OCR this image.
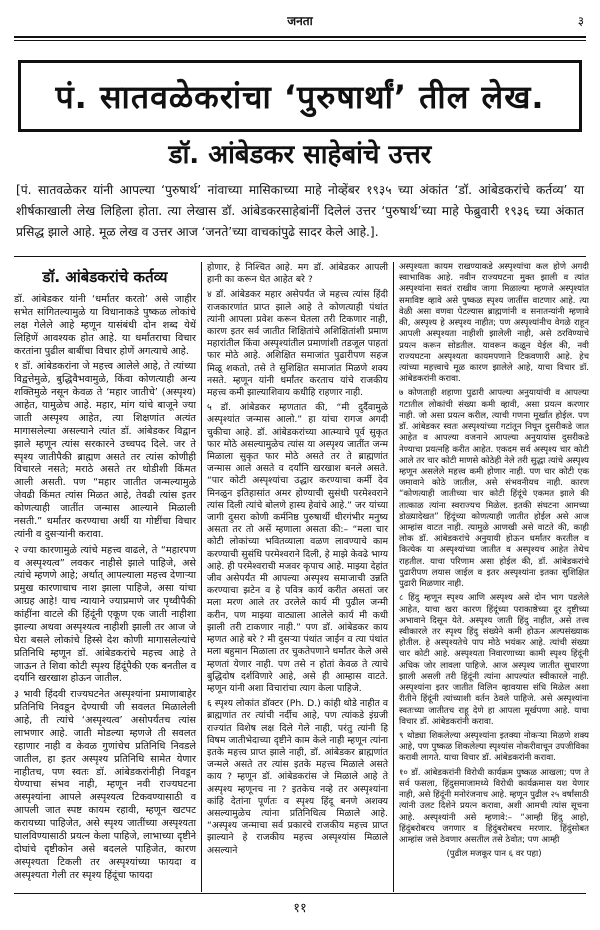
जनता	३
पं. सातवळेकरांचा ‘पुरुषार्थां’ तील लेख.
डॉ. आंबेडकर साहेबांचे उत्तर
[पं. सातवळेकर यांनी आपल्या ‘पुरुषार्थ’ नांवाच्या मासिकाच्या माहे नोव्हेंबर १९३५ च्या अंकांत ‘डॉ. आंबेडकरांचे कर्तव्य’ या शीर्षकाखाली लेख लिहिला होता. त्या लेखास डॉ. आंबेडकरसाहेबांनीं दिलेलं उत्तर ‘पुरुषार्थ’च्या माहे फेब्रुवारी १९३६ च्या अंकात प्रसिद्ध झाले आहे. मूळ लेख व उत्तर आज ‘जनते’च्या वाचकांपुढे सादर केले आहे.].
डॉ. आंबेडकरांचे कर्तव्य

डॉ. आंबेडकर यांनी ‘धर्मांतर करतो’ असे जाहीर सभेत सांगितल्यामुळे या विधानाकडे पुष्कळ लोकांचे लक्ष गेलेले आहे म्हणून यासंबंधी दोन शब्द येथें लिहिणें आवश्यक होत आहे. या धर्मांतराचा विचार करतांना पुढील बाबींचा विचार होणें अगत्याचे आहे.

१ डॉ. आंबेडकरांना जे महत्त्व आलेले आहे, ते त्यांच्या विद्वत्तेमुळे, बुद्धिवैभवामुळे, किंवा कोणत्याही अन्य शक्तिमुळे नसून केवळ ते ‘महार जातीचे’ (अस्पृश्य) आहेत, यामुळेच आहे. महार, मांग यांचे बाजूने ज्या जाती अस्पृश्य आहेत, त्या शिक्षणांत अत्यंत मागासलेल्या असल्याने त्यांत डॉ. आंबेडकर विद्वान झाले म्हणून त्यांस सरकारने उच्चपद दिले. जर ते स्पृश्य जातीपैकी ब्राह्मण असते तर त्यांस कोणीही विचारले नसते; मराठे असते तर थोडीशी किंमत आली असती. पण “महार जातीत जन्मल्यामुळे जेवढी किंमत त्यांस मिळत आहे, तेवढी त्यांस इतर कोणत्याही जातींत जन्मास आल्याने मिळाली नसती.” धर्मांतर करण्याचा अर्थी या गोष्टींचा विचार त्यांनी व दुसऱ्यांनी करावा.

२ ज्या कारणामुळे त्यांचे महत्त्व वाढले, ते “महारपण व अस्पृश्यत्व” लवकर नाहीसे झाले पाहिजे, असे त्यांचे म्हणणे आहे; अर्थात् आपल्याला महत्त्व देणाऱ्या प्रमुख कारणाचाच नाश झाला पाहिजे, असा यांचा आग्रह आहे! याच न्यायाने ज्याप्रमाणे जर पृथ्वीपैकी कांहींना वाटले की हिंदूंनी एकूण एक जाती नाहीशा झाल्या अथवा अस्पृश्यत्व नाहीशी झाली तर आज जे घेरा बसले लोकांचे हिस्से देश कोणी मागासलेल्यांचे प्रतिनिधि म्हणून डॉ. आंबेडकरांचे महत्त्व आहे ते जाऊन ते शिवा कोटी स्पृश्य हिंदूंपैकी एक बनतील व दर्यांनि खरखाश होऊन जातील.

३ भावी हिंदवी राज्यघटनेत अस्पृश्यांना प्रमाणाबाहेर प्रतिनिधि निवडून देण्याची जी सवलत मिळालेली आहे, ती त्यांचे ‘अस्पृश्यत्व’ असोपर्यंतच त्यांस लाभणार आहे. जाती मोडल्या म्हणजे ती सवलत रहाणार नाही व केवळ गुणांचेच प्रतिनिधि निवडले जातील, हा इतर अस्पृश्य प्रतिनिधि सामेत येणार नाहीतच, पण स्वतः डॉ. आंबेडकरांनीही निवडून येण्याचा संभव नाही, म्हणून नवी राज्यघटना अस्पृश्यांना आपले अस्पृश्यत्व टिकवण्यासाठी व आपली जात स्पष्ट कायम रहावी, म्हणून खटपट करायच्या पाहिजेत, असे स्पृश्य जातींच्या अस्पृश्यता घालविण्यासाठी प्रयत्न केला पाहिजे, लाभाच्या दृष्टीने दोघांचे दृष्टीकोन असे बदलले पाहिजेत, कारण अस्पृश्यता टिकली तर अस्पृश्यांच्या फायदा व अस्पृश्यता गेली तर स्पृश्य हिंदूंचा फायदा

होणार, हे निश्चित आहे. मग डॉ. आंबेडकर आपली हानी का करून घेत आहेत बरे ?

४ डॉ. आंबेडकर महार असेपर्यंत जे महत्त्व त्यांस हिंदी राजकारणांत प्राप्त झाले आहे ते कोणत्याही पंथांत त्यांनी आपला प्रवेश करून घेतला तरी टिकणार नाही, कारण इतर सर्व जातीत शिक्षितांचे अशिक्षितांशी प्रमाण महारांतील किंवा अस्पृश्यांतील प्रमाणांशी तडजूल पाहतां फार मोठे आहे. अशिक्षित समाजांत पुढारीपण सहज मिळू शकतो, तसे ते सुशिक्षित समाजांत मिळणे शक्य नसते. म्हणून यांनी धर्मांतर करताच यांचे राजकीय महत्त्व कमी झाल्याशिवाय कधीहि राहणार नाही.

५ डॉ. आंबेडकर म्हणतात की, “मी दुर्दैवामुळे अस्पृश्यांत जन्मास आलो.” हा यांचा रागज अगदी चुकीचा आहे. डॉ. आंबेडकरांच्या आत्म्याचे पूर्व सुकृत फार मोठे असल्यामुळेच त्यांस या अस्पृश्य जातींत जन्म मिळाला सुकृत फार मोठे असते तर ते ब्राह्मणांत जन्मास आले असते व दर्यांनि खरखाश बनले असते. “पार कोटी अस्पृश्यांचा उद्धार करण्याचा कर्मी देव मिनळुन इतिहासांत अमर होण्याची सुसंधी परमेश्वराने त्यांस दिली त्यांचे बोलणे हास्य हेवांचे आहे.” जर यांच्या जागी दुसरा कोणी कर्मनिष्ठ पुरुषार्थी धीरगंभीर मनुष्य असता तर तो असें म्हणाला असता की:– “मला चार कोटी लोकांच्या भवितव्याला वळण लावण्याचे काम करण्याची सुसंधि परमेश्वराने दिली, हे माझे केवढे भाग्य आहे. ही परमेश्वराची मजवर कृपाच आहे. माझ्या देहांत जीव असेपर्यंत मी आपल्या अस्पृश्य समाजाची उन्नति करण्याचा झटेन व हे पवित्र कार्य करीत असतां जर मला मरण आले तर उरलेले कार्य मी पुढील जन्मी करीन, पण माझ्या वाट्याला आलेले कार्य मी कधी झाली तरी टाकणार नाही.” पण डॉ. आंबेडकर काय म्हणत आहे बरे ? मी दुसऱ्या पंथांत जाईन व त्या पंथांत मला बहुमान मिळाला तर चुकतेपणाने धर्मांतर केले असे म्हणतां येणार नाही. पण तसे न होतां केवळ ते त्याचे बुद्धिदोष दर्शविणारे आहे, असे ही आम्हास वाटते. म्हणून यांनी अशा विचारांचा त्याग केला पाहिजे.

६ स्पृश्य लोकांत डॉक्टर (Ph. D.) कांही थोडे नाहीत व ब्राह्मणांत तर त्यांची नर्दीच आहे, पण त्यांकडे इंग्रजी राज्यांत विशेष लक्ष दिले गेले नाही, परंतु त्यांनी हि विषम जातीभेदाच्या दृष्टीने काम केले नाही म्हणून त्यांना इतके महत्त्व प्राप्त झाले नाही, डॉ. आंबेडकर ब्राह्मणांत जन्मले असते तर त्यांस इतके महत्त्व मिळाले असते काय ? म्हणून डॉ. आंबेडकरांस जे मिळाले आहे ते अस्पृश्य म्हणूनच ना ? इतकेच नव्हे तर अस्पृश्यांना कांहि देतांना पूर्णतः व स्पृश्य हिंदू बनणे अशक्य असल्यामुळेच त्यांना प्रतिनिधित्व मिळाले आहे. “अस्पृश्य जन्माचा सर्व प्रकारचे राजकीय महत्त्व प्राप्त झाल्याने हे राजकीय महत्त्व अस्पृश्यांस मिळाले असल्याने

अस्पृश्यता कायम राखण्याकडे अस्पृश्यांचा कल होणे अगदी स्वाभाविक आहे. नवीन राज्यघटना मुक्त झाली व त्यांत अस्पृश्यांना सवतं राखीव जागा मिळाल्या म्हणजे अस्पृश्यांत समाविष्ट व्हावे असे पुष्कळ स्पृश्य जातींस वाटणार आहे. त्या वेळी असा वणवा पेटल्यास ब्राह्मणांनी व सनातन्यांनी म्हणावे की, अस्पृश्य हे अस्पृश्य नाहीत; पण अस्पृश्यांनीच वेगळे राहून आपली अस्पृश्यता नाहीशी झालेली नाही, असे ठरविण्याचे प्रयत्न करून सोडतील. यावरून कळून येईल की, नवी राज्यघटना अस्पृश्यता कायमपणाने टिकवणारी आहे. हेच त्यांच्या महत्त्वाचे मूळ कारण झालेले आहे, याचा विचार डॉ. आंबेडकरांनी करावा.

७ कोणताही शहाणा पुढारी आपल्या अनुयायांची व आपल्या गटातील लोकांची संख्या कमी व्हावी, असा प्रयत्न करणार नाही. जो असा प्रयत्न करील, त्याची गणना मूर्खांत होईल. पण डॉ. आंबेडकर स्वतः अस्पृश्यांच्या गटांतून निघून दुसरीकडे जात आहेत व आपल्या वजनाने आपल्या अनुयायांस दुसरीकडे नेण्याचा प्रयत्नहि करीत आहेत. एकदम सर्व अस्पृश्य चार कोटी आले तर चार कोटी माणसे कोठेही नेले तरी सुद्धा त्यांचे अस्पृश्य म्हणून असलेले महत्त्व कमी होणार नाही. पण चार कोटी एक जमावाने कोठे जातील, असे संभवनीयच नाही. कारण “कोणत्याही जातीच्या चार कोटी हिंदूंचे एकमत झाले की तात्काळ त्यांना स्वराज्यच मिळेल. इतकी संघटना आमच्या डोळ्यादेखत” हिंदूंच्या कोणत्याही जातीत होईल असे आज आम्हांस वाटत नाही. त्यामुळे आणखी असे वाटते की, काही लोक डॉ. आंबेडकरांचे अनुयायी होऊन धर्मांतर करतील व कित्येक या अस्पृश्यांच्या जातीत व अस्पृश्यच आहेत तेथेच राहतील. याचा परिणाम असा होईल की, डॉ. आंबेडकरांचे पुढारीपण लयास जाईल व इतर अस्पृश्यांना इतका सुशिक्षित पुढारी मिळणार नाही.

८ हिंदु म्हणून स्पृश्य आणि अस्पृश्य असे दोन भाग पडलेले आहेत, याचा खरा कारण हिंदूंच्या पराकाष्ठेच्या दूर दृष्टीच्या अभावाने दिसून येते. अस्पृश्य जाती हिंदु नाहीत, असे तत्त्व स्वीकारले तर स्पृश्य हिंदु संख्येने कमी होऊन अल्पसंख्याक होतील. हे अस्पृश्यतेचे पाप मोठे भयंकर आहे. त्यांची संख्या चार कोटी आहे. अस्पृश्यता निवारणाच्या कामी स्पृश्य हिंदूंनी अधिक जोर लावला पाहिजे. आज अस्पृश्य जातीत सुधारणा झाली असली तरी हिंदूंनी त्यांना आपल्यांत स्वीकारले नाही. अस्पृश्यांना इतर जातीत विलिन व्हावयास संधि मिळेल अशा रीतीने हिंदूंनी त्यांच्याशी वर्तन ठेवले पाहिजे. असे अस्पृश्यांना स्वतःच्या जातीतच राहू देणे हा आपला मूर्खपणा आहे. याचा विचार डॉ. आंबेडकरांनी करावा.

९ थोड्या शिकलेल्या अस्पृश्यांना इतक्या नोकऱ्या मिळणे शक्य आहे, पण पुष्कळ शिकलेल्या स्पृश्यांस नोकरीवाचून उपजीविका करावी लागते. याचा विचार डॉ. आंबेडकरांनी करावा.

१० डॉ. आंबेडकरांनी विरोधी कार्यक्रम पुष्कळ आखला; पण ते सर्व फसला, हिंदुसमाजामध्ये विरोधी कार्यक्रमास यश येणार नाही, असे हिंदूंनी मनोरंजनाच आहे. म्हणून पुढील २५ वर्षांसाठी त्यांनी उलट दिशेने प्रयत्न करावा, अशी आमची त्यांस सूचना आहे. अस्पृश्यांनी असे म्हणावे:– “आम्ही हिंदु आहो, हिंदुंबरोबरच जगणार व हिंदुंबरोबरच मरणार. हिंदुंसोबत आम्हांस जसे ठेवणार असतील तसे ठेवोत; पण आम्ही

(पुढील मजकूर पान ६ वर पहा)

११
